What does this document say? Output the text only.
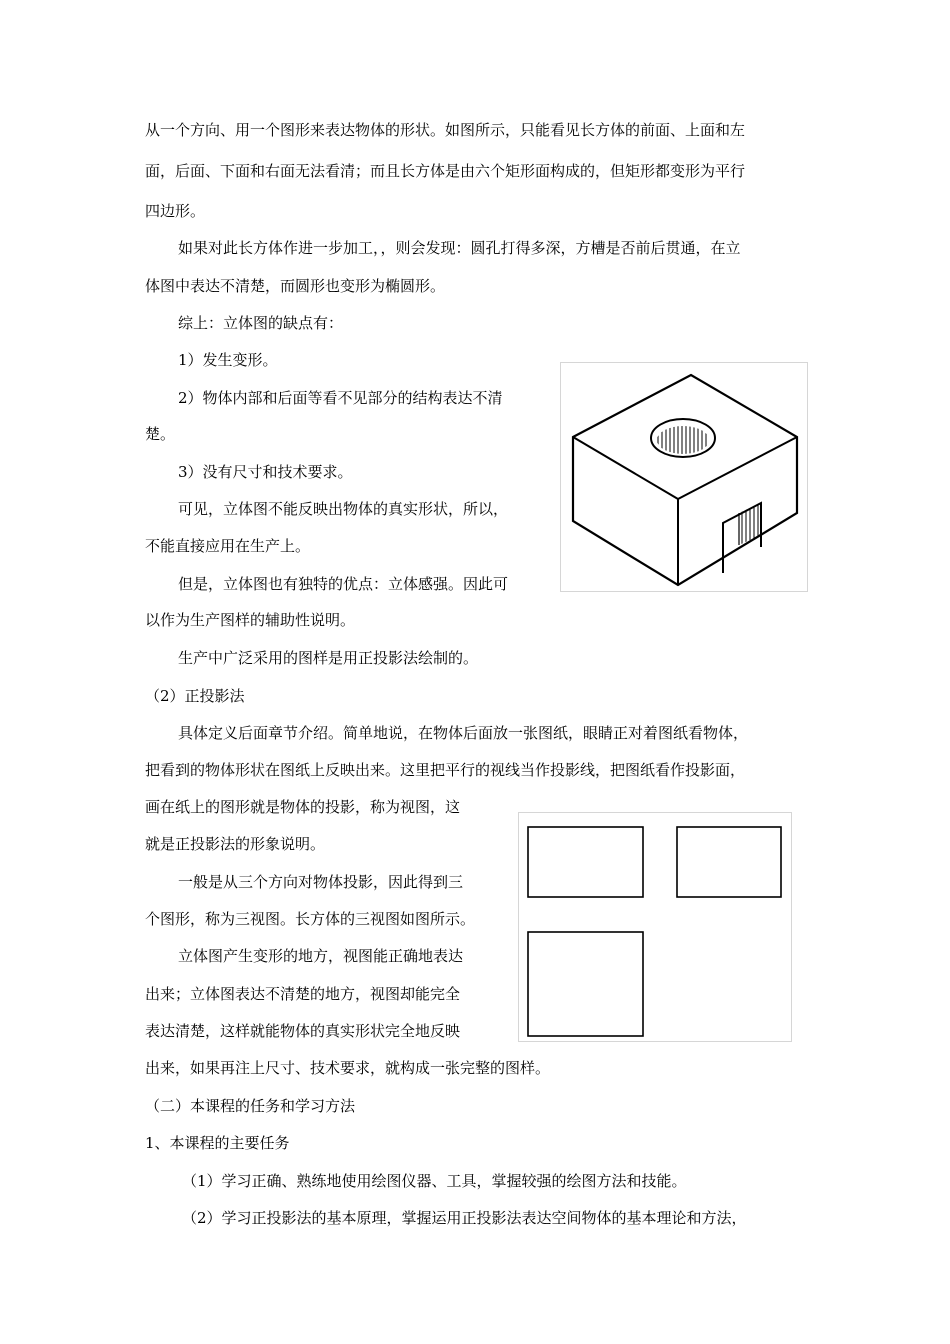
从一个方向、用一个图形来表达物体的形状。如图所示，只能看见长方体的前面、上面和左
面，后面、下面和右面无法看清；而且长方体是由六个矩形面构成的，但矩形都变形为平行
四边形。
如果对此长方体作进一步加工，，则会发现：圆孔打得多深，方槽是否前后贯通，在立
体图中表达不清楚，而圆形也变形为椭圆形。
综上：立体图的缺点有：
1）发生变形。
2）物体内部和后面等看不见部分的结构表达不清
楚。
3）没有尺寸和技术要求。
可见，立体图不能反映出物体的真实形状，所以，
不能直接应用在生产上。
但是，立体图也有独特的优点：立体感强。因此可
以作为生产图样的辅助性说明。
生产中广泛采用的图样是用正投影法绘制的。
（2）正投影法
具体定义后面章节介绍。简单地说，在物体后面放一张图纸，眼睛正对着图纸看物体，
把看到的物体形状在图纸上反映出来。这里把平行的视线当作投影线，把图纸看作投影面，
画在纸上的图形就是物体的投影，称为视图，这
就是正投影法的形象说明。
一般是从三个方向对物体投影，因此得到三
个图形，称为三视图。长方体的三视图如图所示。
立体图产生变形的地方，视图能正确地表达
出来；立体图表达不清楚的地方，视图却能完全
表达清楚，这样就能物体的真实形状完全地反映
出来，如果再注上尺寸、技术要求，就构成一张完整的图样。
（二）本课程的任务和学习方法
1、本课程的主要任务
（1）学习正确、熟练地使用绘图仪器、工具，掌握较强的绘图方法和技能。
（2）学习正投影法的基本原理，掌握运用正投影法表达空间物体的基本理论和方法，
